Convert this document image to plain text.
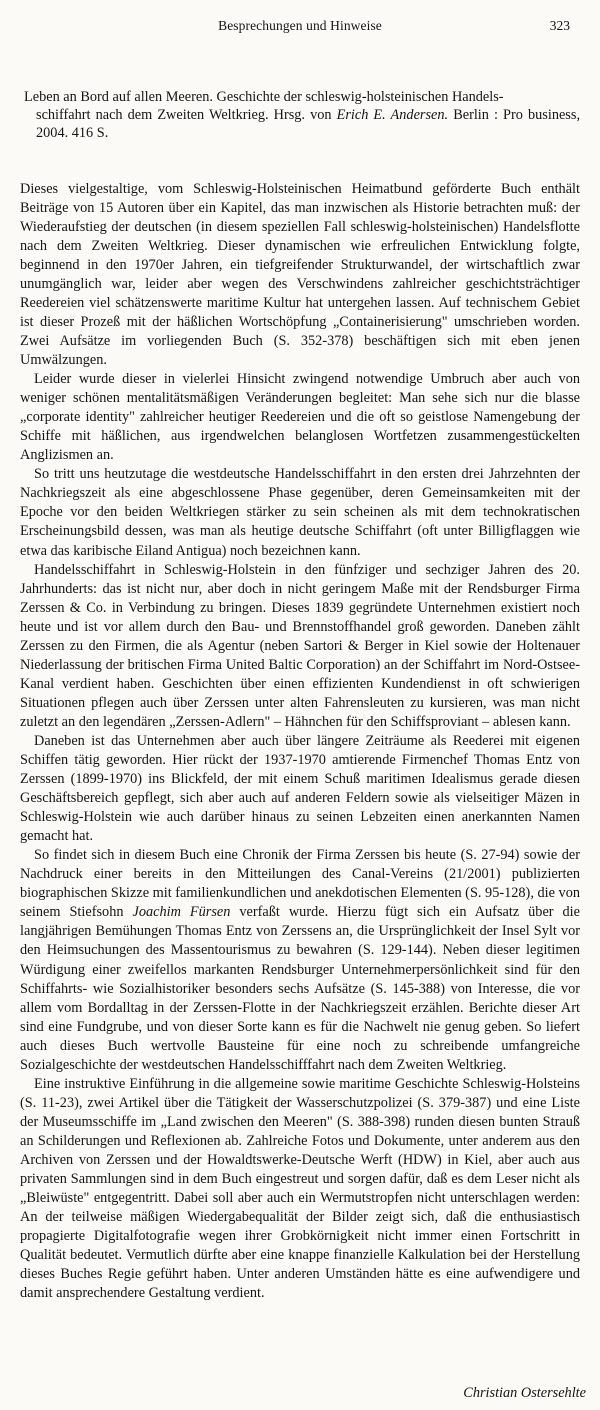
Besprechungen und Hinweise	323
Leben an Bord auf allen Meeren. Geschichte der schleswig-holsteinischen Handels-
schiffahrt nach dem Zweiten Weltkrieg. Hrsg. von Erich E. Andersen. Berlin : Pro business, 2004. 416 S.

Dieses vielgestaltige, vom Schleswig-Holsteinischen Heimatbund geförderte Buch enthält Beiträge von 15 Autoren über ein Kapitel, das man inzwischen als Historie betrachten muß: der Wiederaufstieg der deutschen (in diesem speziellen Fall schleswig-holsteinischen) Handelsflotte nach dem Zweiten Weltkrieg. Dieser dynamischen wie erfreulichen Entwicklung folgte, beginnend in den 1970er Jahren, ein tiefgreifender Strukturwandel, der wirtschaftlich zwar unumgänglich war, leider aber wegen des Verschwindens zahlreicher geschichtsträchtiger Reedereien viel schätzenswerte maritime Kultur hat untergehen lassen. Auf technischem Gebiet ist dieser Prozeß mit der häßlichen Wortschöpfung „Containerisierung" umschrieben worden. Zwei Aufsätze im vorliegenden Buch (S. 352-378) beschäftigen sich mit eben jenen Umwälzungen.

Leider wurde dieser in vielerlei Hinsicht zwingend notwendige Umbruch aber auch von weniger schönen mentalitätsmäßigen Veränderungen begleitet: Man sehe sich nur die blasse „corporate identity" zahlreicher heutiger Reedereien und die oft so geistlose Namengebung der Schiffe mit häßlichen, aus irgendwelchen belanglosen Wortfetzen zusammengestückelten Anglizismen an.

So tritt uns heutzutage die westdeutsche Handelsschiffahrt in den ersten drei Jahrzehnten der Nachkriegszeit als eine abgeschlossene Phase gegenüber, deren Gemeinsamkeiten mit der Epoche vor den beiden Weltkriegen stärker zu sein scheinen als mit dem technokratischen Erscheinungsbild dessen, was man als heutige deutsche Schiffahrt (oft unter Billigflaggen wie etwa das karibische Eiland Antigua) noch bezeichnen kann.

Handelsschiffahrt in Schleswig-Holstein in den fünfziger und sechziger Jahren des 20. Jahrhunderts: das ist nicht nur, aber doch in nicht geringem Maße mit der Rendsburger Firma Zerssen & Co. in Verbindung zu bringen. Dieses 1839 gegründete Unternehmen existiert noch heute und ist vor allem durch den Bau- und Brennstoffhandel groß geworden. Daneben zählt Zerssen zu den Firmen, die als Agentur (neben Sartori & Berger in Kiel sowie der Holtenauer Niederlassung der britischen Firma United Baltic Corporation) an der Schiffahrt im Nord-Ostsee-Kanal verdient haben. Geschichten über einen effizienten Kundendienst in oft schwierigen Situationen pflegen auch über Zerssen unter alten Fahrensleuten zu kursieren, was man nicht zuletzt an den legendären „Zerssen-Adlern" – Hähnchen für den Schiffsproviant – ablesen kann.

Daneben ist das Unternehmen aber auch über längere Zeiträume als Reederei mit eigenen Schiffen tätig geworden. Hier rückt der 1937-1970 amtierende Firmenchef Thomas Entz von Zerssen (1899-1970) ins Blickfeld, der mit einem Schuß maritimen Idealismus gerade diesen Geschäftsbereich gepflegt, sich aber auch auf anderen Feldern sowie als vielseitiger Mäzen in Schleswig-Holstein wie auch darüber hinaus zu seinen Lebzeiten einen anerkannten Namen gemacht hat.

So findet sich in diesem Buch eine Chronik der Firma Zerssen bis heute (S. 27-94) sowie der Nachdruck einer bereits in den Mitteilungen des Canal-Vereins (21/2001) publizierten biographischen Skizze mit familienkundlichen und anekdotischen Elementen (S. 95-128), die von seinem Stiefsohn Joachim Fürsen verfaßt wurde. Hierzu fügt sich ein Aufsatz über die langjährigen Bemühungen Thomas Entz von Zerssens an, die Ursprünglichkeit der Insel Sylt vor den Heimsuchungen des Massentourismus zu bewahren (S. 129-144). Neben dieser legitimen Würdigung einer zweifellos markanten Rendsburger Unternehmerpersönlichkeit sind für den Schiffahrts- wie Sozialhistoriker besonders sechs Aufsätze (S. 145-388) von Interesse, die vor allem vom Bordalltag in der Zerssen-Flotte in der Nachkriegszeit erzählen. Berichte dieser Art sind eine Fundgrube, und von dieser Sorte kann es für die Nachwelt nie genug geben. So liefert auch dieses Buch wertvolle Bausteine für eine noch zu schreibende umfangreiche Sozialgeschichte der westdeutschen Handelsschifffahrt nach dem Zweiten Weltkrieg.

Eine instruktive Einführung in die allgemeine sowie maritime Geschichte Schleswig-Holsteins (S. 11-23), zwei Artikel über die Tätigkeit der Wasserschutzpolizei (S. 379-387) und eine Liste der Museumsschiffe im „Land zwischen den Meeren" (S. 388-398) runden diesen bunten Strauß an Schilderungen und Reflexionen ab. Zahlreiche Fotos und Dokumente, unter anderem aus den Archiven von Zerssen und der Howaldtswerke-Deutsche Werft (HDW) in Kiel, aber auch aus privaten Sammlungen sind in dem Buch eingestreut und sorgen dafür, daß es dem Leser nicht als „Bleiwüste" entgegentritt. Dabei soll aber auch ein Wermutstropfen nicht unterschlagen werden: An der teilweise mäßigen Wiedergabequalität der Bilder zeigt sich, daß die enthusiastisch propagierte Digitalfotografie wegen ihrer Grobkörnigkeit nicht immer einen Fortschritt in Qualität bedeutet. Vermutlich dürfte aber eine knappe finanzielle Kalkulation bei der Herstellung dieses Buches Regie geführt haben. Unter anderen Umständen hätte es eine aufwendigere und damit ansprechendere Gestaltung verdient.

Christian Ostersehlte
